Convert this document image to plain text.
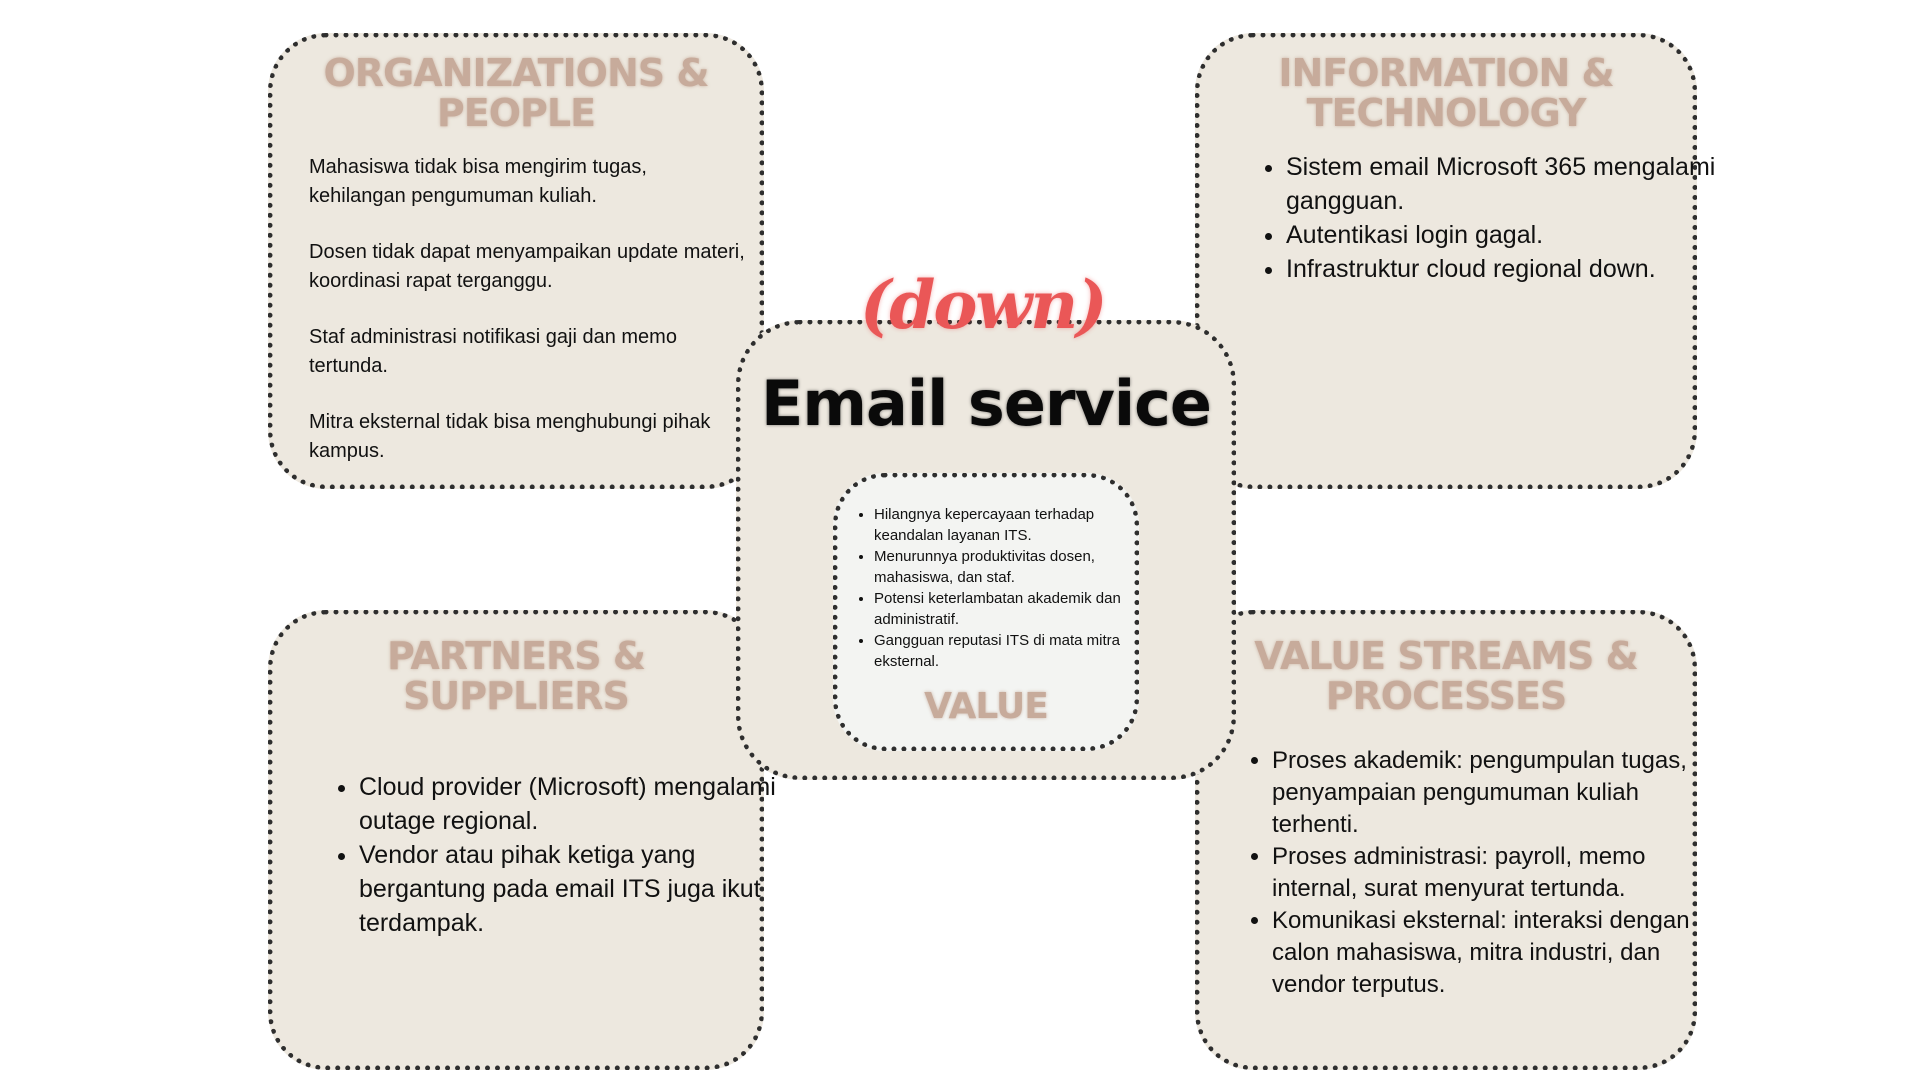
ORGANIZATIONS &
PEOPLE

Mahasiswa tidak bisa mengirim tugas, kehilangan pengumuman kuliah.

Dosen tidak dapat menyampaikan update materi, koordinasi rapat terganggu.

Staf administrasi notifikasi gaji dan memo tertunda.

Mitra eksternal tidak bisa menghubungi pihak kampus.

INFORMATION &
TECHNOLOGY
• Sistem email Microsoft 365 mengalami gangguan.
• Autentikasi login gagal.
• Infrastruktur cloud regional down.
PARTNERS &
SUPPLIERS
• Cloud provider (Microsoft) mengalami outage regional.
• Vendor atau pihak ketiga yang bergantung pada email ITS juga ikut terdampak.
VALUE STREAMS &
PROCESSES
• Proses akademik: pengumpulan tugas, penyampaian pengumuman kuliah terhenti.
• Proses administrasi: payroll, memo internal, surat menyurat tertunda.
• Komunikasi eksternal: interaksi dengan calon mahasiswa, mitra industri, dan vendor terputus.
Email service
• Hilangnya kepercayaan terhadap keandalan layanan ITS.
• Menurunnya produktivitas dosen, mahasiswa, dan staf.
• Potensi keterlambatan akademik dan administratif.
• Gangguan reputasi ITS di mata mitra eksternal.
VALUE
(down)
